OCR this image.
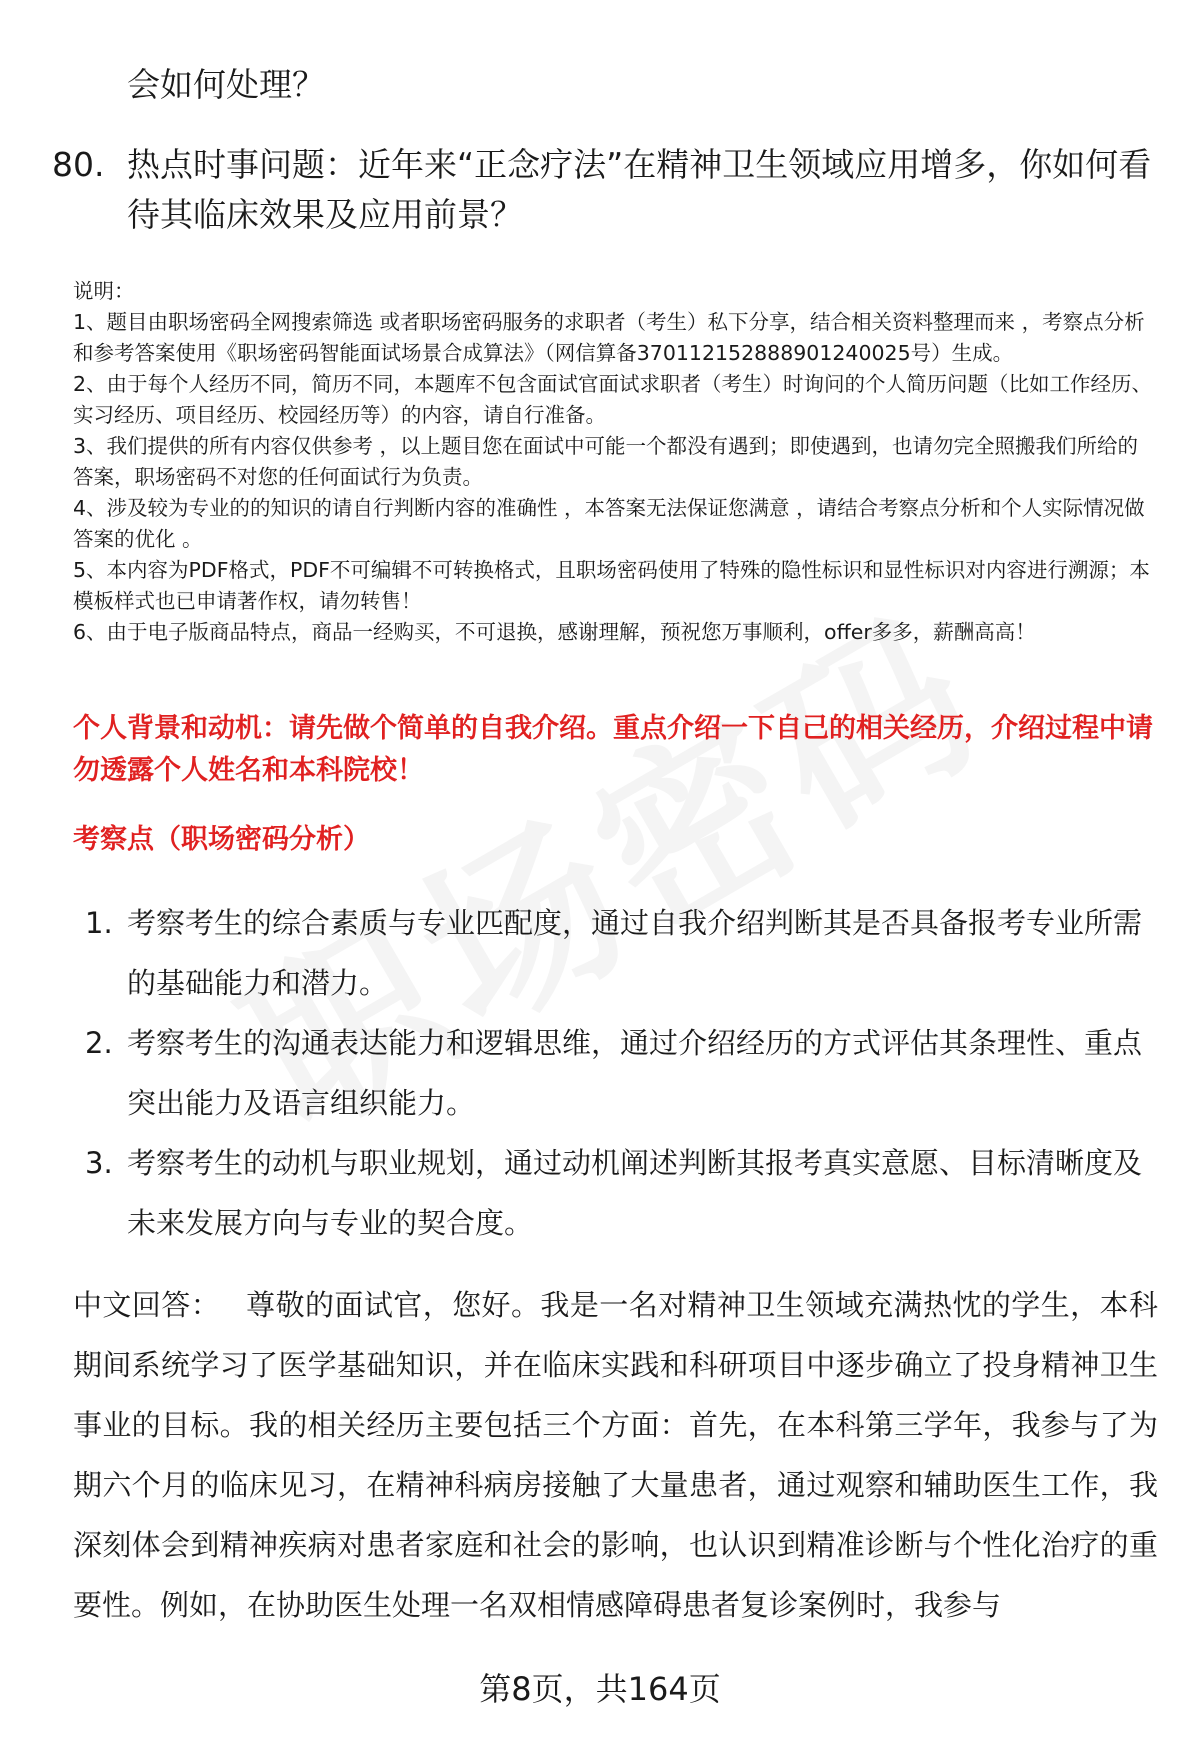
会如何处理？
80. 热点时事问题：近年来“正念疗法”在精神卫生领域应用增多，你如何看待其临床效果及应用前景？
说明：
1、题目由职场密码全网搜索筛选 或者职场密码服务的求职者（考生）私下分享，结合相关资料整理而来 ，考察点分析和参考答案使用《职场密码智能面试场景合成算法》（网信算备370112152888901240025号）生成。
2、由于每个人经历不同，简历不同，本题库不包含面试官面试求职者（考生）时询问的个人简历问题（比如工作经历、实习经历、项目经历、校园经历等）的内容，请自行准备。
3、我们提供的所有内容仅供参考 ，以上题目您在面试中可能一个都没有遇到；即使遇到，也请勿完全照搬我们所给的答案，职场密码不对您的任何面试行为负责。
4、涉及较为专业的的知识的请自行判断内容的准确性 ，本答案无法保证您满意 ，请结合考察点分析和个人实际情况做答案的优化 。
5、本内容为PDF格式，PDF不可编辑不可转换格式，且职场密码使用了特殊的隐性标识和显性标识对内容进行溯源；本模板样式也已申请著作权，请勿转售！
6、由于电子版商品特点，商品一经购买，不可退换，感谢理解，预祝您万事顺利，offer多多，薪酬高高！
个人背景和动机：请先做个简单的自我介绍。重点介绍一下自己的相关经历，介绍过程中请勿透露个人姓名和本科院校！
考察点（职场密码分析）
1. 考察考生的综合素质与专业匹配度，通过自我介绍判断其是否具备报考专业所需的基础能力和潜力。
2. 考察考生的沟通表达能力和逻辑思维，通过介绍经历的方式评估其条理性、重点突出能力及语言组织能力。
3. 考察考生的动机与职业规划，通过动机阐述判断其报考真实意愿、目标清晰度及未来发展方向与专业的契合度。
中文回答： 尊敬的面试官，您好。我是一名对精神卫生领域充满热忱的学生，本科期间系统学习了医学基础知识，并在临床实践和科研项目中逐步确立了投身精神卫生事业的目标。我的相关经历主要包括三个方面：首先，在本科第三学年，我参与了为期六个月的临床见习，在精神科病房接触了大量患者，通过观察和辅助医生工作，我深刻体会到精神疾病对患者家庭和社会的影响，也认识到精准诊断与个性化治疗的重要性。例如，在协助医生处理一名双相情感障碍患者复诊案例时，我参与
第8页，共164页
